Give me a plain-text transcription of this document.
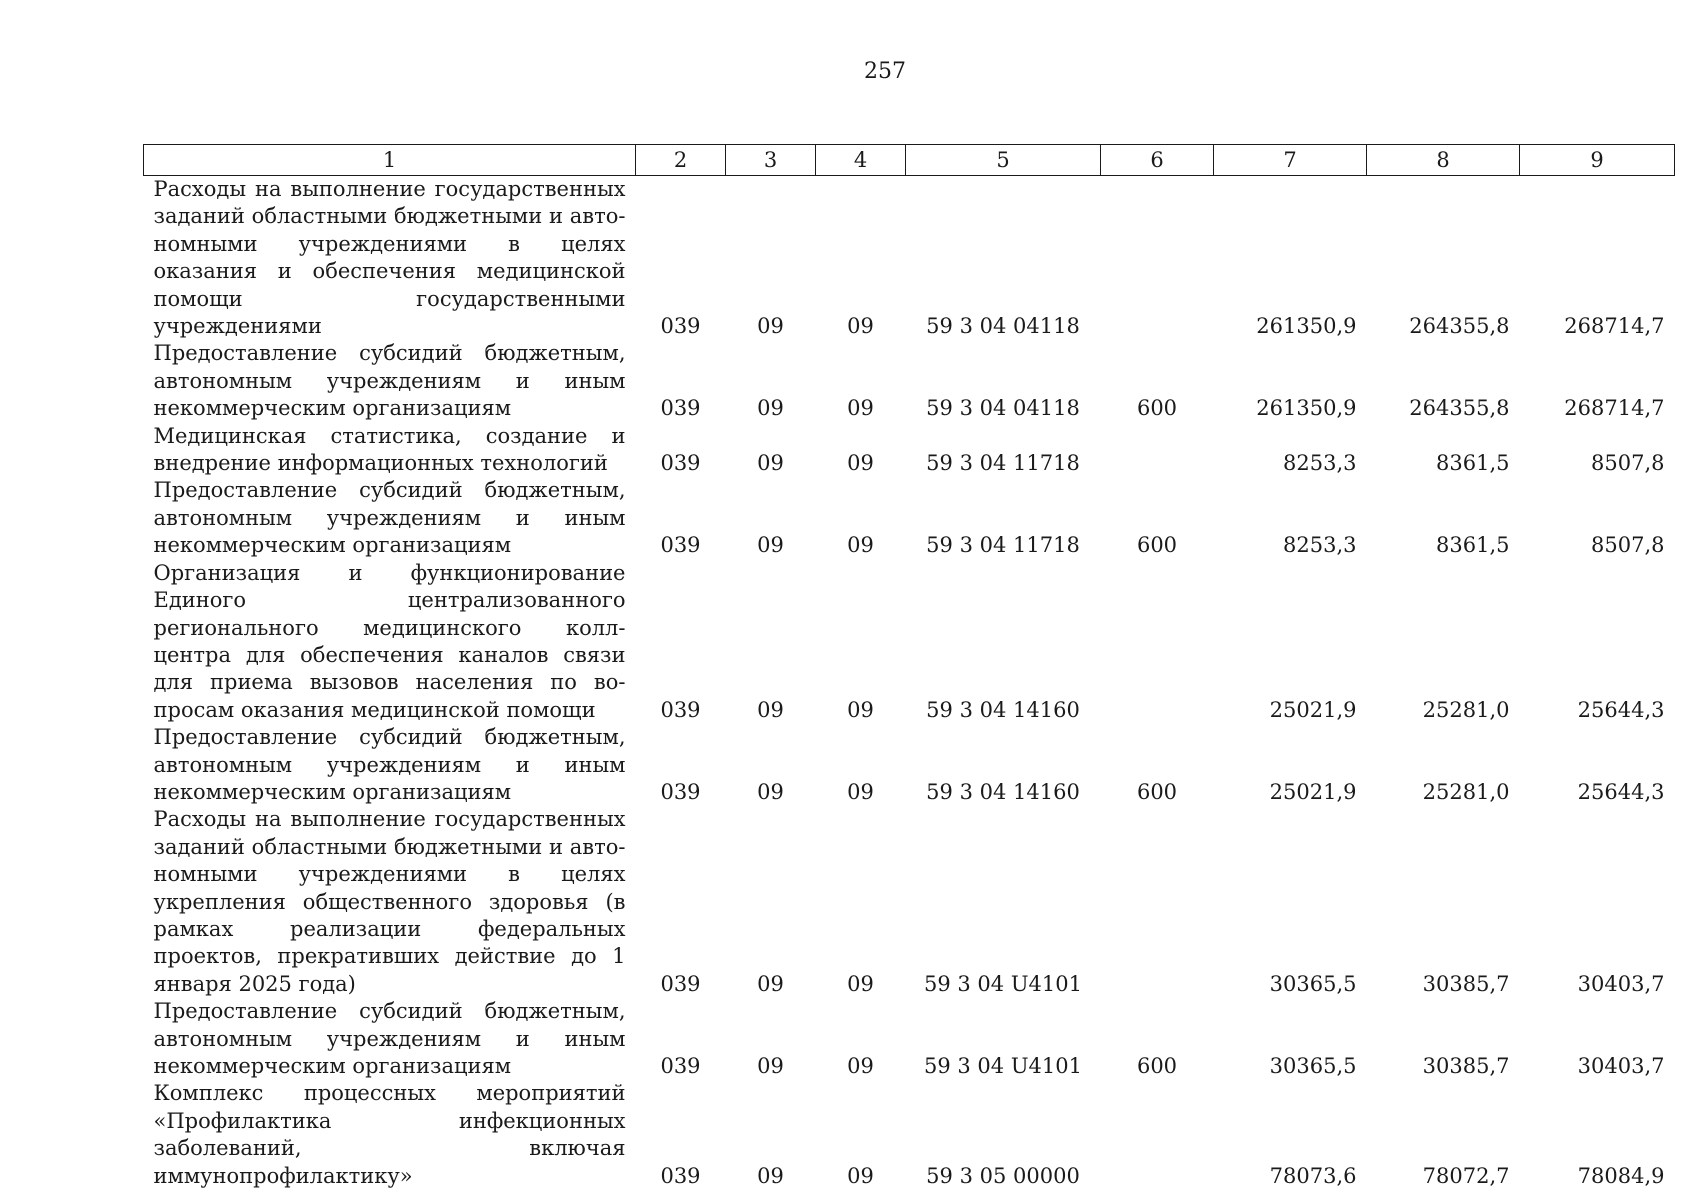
257
1	2	3	4	5	6	7	8	9
Расходы на выполнение государственных заданий областными бюджетными и автономными учреждениями в целях оказания и обеспечения медицинской помощи государственными учреждениями	039	09	09	59 3 04 04118		261350,9	264355,8	268714,7
Предоставление субсидий бюджетным, автономным учреждениям и иным некоммерческим организациям	039	09	09	59 3 04 04118	600	261350,9	264355,8	268714,7
Медицинская статистика, создание и внедрение информационных технологий	039	09	09	59 3 04 11718		8253,3	8361,5	8507,8
Предоставление субсидий бюджетным, автономным учреждениям и иным некоммерческим организациям	039	09	09	59 3 04 11718	600	8253,3	8361,5	8507,8
Организация и функционирование Единого централизованного регионального медицинского колл-центра для обеспечения каналов связи для приема вызовов населения по вопросам оказания медицинской помощи	039	09	09	59 3 04 14160		25021,9	25281,0	25644,3
Предоставление субсидий бюджетным, автономным учреждениям и иным некоммерческим организациям	039	09	09	59 3 04 14160	600	25021,9	25281,0	25644,3
Расходы на выполнение государственных заданий областными бюджетными и автономными учреждениями в целях укрепления общественного здоровья (в рамках реализации федеральных проектов, прекративших действие до 1 января 2025 года)	039	09	09	59 3 04 U4101		30365,5	30385,7	30403,7
Предоставление субсидий бюджетным, автономным учреждениям и иным некоммерческим организациям	039	09	09	59 3 04 U4101	600	30365,5	30385,7	30403,7
Комплекс процессных мероприятий «Профилактика инфекционных заболеваний, включая иммунопрофилактику»	039	09	09	59 3 05 00000		78073,6	78072,7	78084,9
